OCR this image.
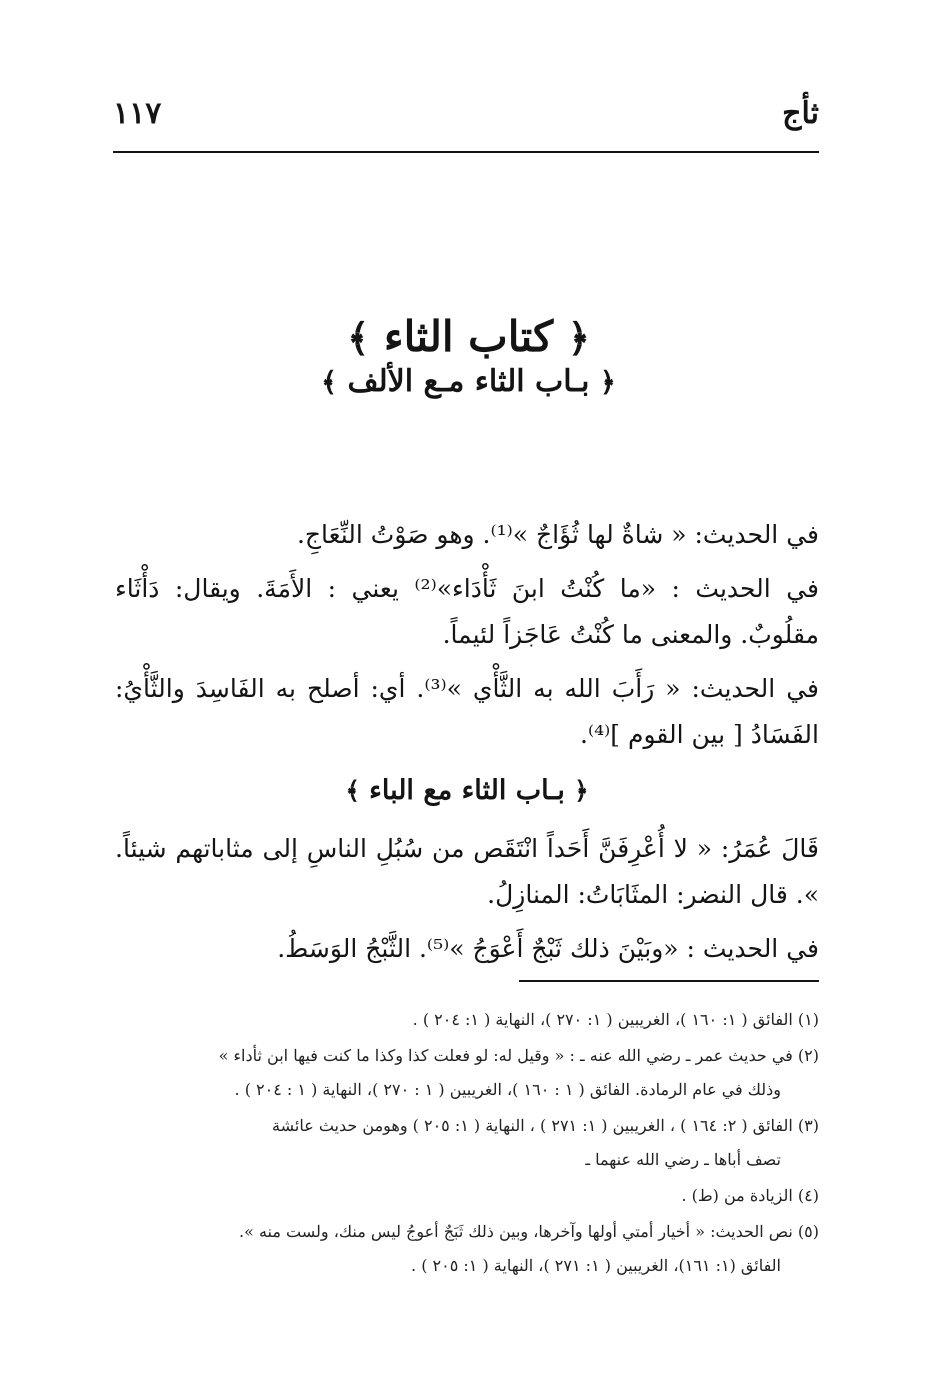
ثأج
١١٧
﴿ كتاب الثاء ﴾
﴿ بـاب الثاء مـع الألف ﴾

في الحديث: « شاةٌ لها ثُؤَاجٌ »⁽¹⁾. وهو صَوْتُ النِّعَاجِ.

في الحديث : «ما كُنْتُ ابنَ ثَأْدَاء»⁽²⁾ يعني : الأَمَةَ. ويقال: دَأْثَاء مقلُوبٌ. والمعنى ما كُنْتُ عَاجَزاً لئيماً.

في الحديث: « رَأَبَ الله به الثَّأْي »⁽³⁾. أي: أصلح به الفَاسِدَ والثَّأْيُ: الفَسَادُ [ بين القوم ]⁽⁴⁾.

﴿ بـاب الثاء مع الباء ﴾

قَالَ عُمَرُ: « لا أُعْرِفَنَّ أَحَداً انْتَقَص من سُبُلِ الناسِ إلى مثاباتهم شيئاً. ». قال النضر: المثَابَاتُ: المنازِلُ.

في الحديث : «وبَيْنَ ذلك ثَبْجٌ أَعْوَجُ »⁽⁵⁾. الثَّبْجُ الوَسَطُ.

(١) الفائق ( ١: ١٦٠ )، الغريبين ( ١: ٢٧٠ )، النهاية ( ١: ٢٠٤ ) .
(٢) في حديث عمر ـ رضي الله عنه ـ : « وقيل له: لو فعلت كذا وكذا ما كنت فيها ابن ثأداء »
وذلك في عام الرمادة. الفائق ( ١ : ١٦٠ )، الغريبين ( ١ : ٢٧٠ )، النهاية ( ١ : ٢٠٤ ) .
(٣) الفائق ( ٢: ١٦٤ ) ، الغريبين ( ١: ٢٧١ ) ، النهاية ( ١: ٢٠٥ ) وهومن حديث عائشة
تصف أباها ـ رضي الله عنهما ـ
(٤) الزيادة من (ط) .
(٥) نص الحديث: « أخيار أمتي أولها وآخرها، وبين ذلك ثَبَجٌ أعوجُ ليس منك، ولست منه ».
الفائق (١: ١٦١)، الغريبين ( ١: ٢٧١ )، النهاية ( ١: ٢٠٥ ) .
